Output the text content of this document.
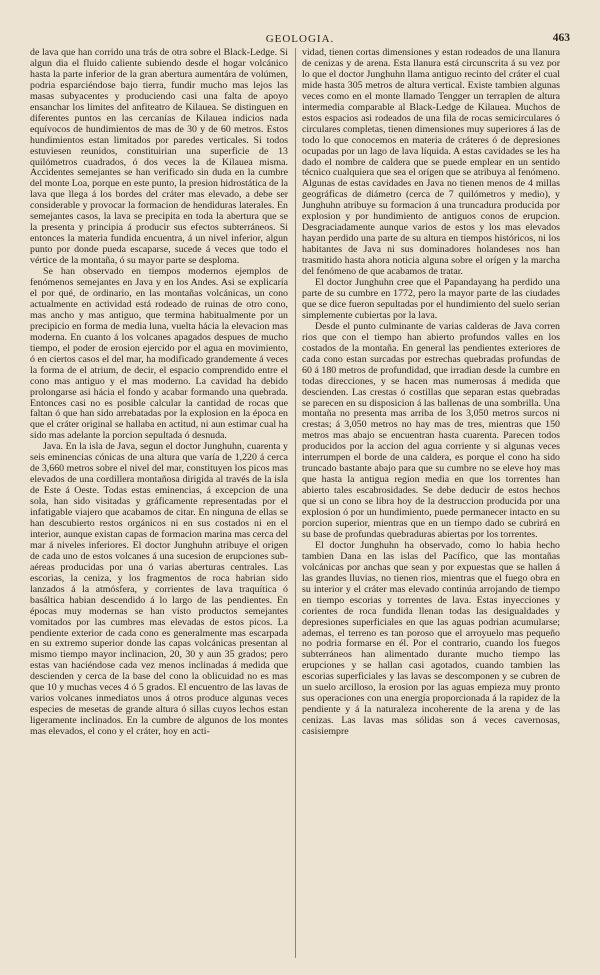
GEOLOGIA.	463

de lava que han corrido una trás de otra sobre el Black-Ledge. Si algun dia el fluido caliente subiendo desde el hogar volcánico hasta la parte inferior de la gran abertura aumentára de volúmen, podria esparciéndose bajo tierra, fundir mucho mas lejos las masas subyacentes y produciendo casi una falta de apoyo ensanchar los límites del anfiteatro de Kilauea. Se distinguen en diferentes puntos en las cercanías de Kilauea indicios nada equívocos de hundimientos de mas de 30 y de 60 metros. Estos hundimientos estan limitados por paredes verticales. Si todos estuviesen reunidos, constituirian una superficie de 13 quilómetros cuadrados, ó dos veces la de Kilauea misma. Accidentes semejantes se han verificado sin duda en la cumbre del monte Loa, porque en este punto, la presion hidrostática de la lava que llega á los bordes del cráter mas elevado, a debe ser considerable y provocar la formacion de hendiduras laterales. En semejantes casos, la lava se precipita en toda la abertura que se la presenta y principia á producir sus efectos subterráneos. Si entonces la materia fundida encuentra, á un nivel inferior, algun punto por donde pueda escaparse, sucede á veces que todo el vértice de la montaña, ó su mayor parte se desploma.

Se han observado en tiempos modernos ejemplos de fenómenos semejantes en Java y en los Andes. Asi se explicaría el por qué, de ordinario, en las montañas volcánicas, un cono actualmente en actividad está rodeado de ruinas de otro cono, mas ancho y mas antiguo, que termina habitualmente por un precipicio en forma de media luna, vuelta hácia la elevacion mas moderna. En cuanto á los volcanes apagados despues de mucho tiempo, el poder de erosion ejercido por el agua en movimiento, ó en ciertos casos el del mar, ha modificado grandemente á veces la forma de el atrium, de decir, el espacio comprendido entre el cono mas antiguo y el mas moderno. La cavidad ha debido prolongarse asi hácia el fondo y acabar formando una quebrada. Entonces casi no es posible calcular la cantidad de rocas que faltan ó que han sido arrebatadas por la explosion en la época en que el cráter original se hallaba en actitud, ni aun estimar cual ha sido mas adelante la porcion sepultada ó desnuda.

Java. En la isla de Java, segun el doctor Junghuhn, cuarenta y seis eminencias cónicas de una altura que varía de 1,220 á cerca de 3,660 metros sobre el nivel del mar, constituyen los picos mas elevados de una cordillera montañosa dirigida al través de la isla de Este á Oeste. Todas estas eminencias, á excepcion de una sola, han sido visitadas y gráficamente representadas por el infatigable viajero que acabamos de citar. En ninguna de ellas se han descubierto restos orgánicos ni en sus costados ni en el interior, aunque existan capas de formacion marina mas cerca del mar á niveles inferiores. El doctor Junghuhn atribuye el origen de cada uno de estos volcanes á una sucesion de erupciones sub-aéreas producidas por una ó varias aberturas centrales. Las escorias, la ceniza, y los fragmentos de roca habrian sido lanzados á la atmósfera, y corrientes de lava traquítica ó basáltica habian descendido á lo largo de las pendientes. En épocas muy modernas se han visto productos semejantes vomitados por las cumbres mas elevadas de estos picos. La pendiente exterior de cada cono es generalmente mas escarpada en su extremo superior donde las capas volcánicas presentan al mismo tiempo mayor inclinacion, 20, 30 y aun 35 grados; pero estas van haciéndose cada vez menos inclinadas á medida que descienden y cerca de la base del cono la oblicuidad no es mas que 10 y muchas veces 4 ó 5 grados. El encuentro de las lavas de varios volcanes inmediatos unos á otros produce algunas veces especies de mesetas de grande altura ó sillas cuyos lechos estan ligeramente inclinados. En la cumbre de algunos de los montes mas elevados, el cono y el cráter, hoy en acti-

vidad, tienen cortas dimensiones y estan rodeados de una llanura de cenizas y de arena. Esta llanura está circunscrita á su vez por lo que el doctor Junghuhn llama antiguo recinto del cráter el cual mide hasta 305 metros de altura vertical. Existe tambien algunas veces como en el monte llamado Tengger un terraplen de altura intermedia comparable al Black-Ledge de Kilauea. Muchos de estos espacios asi rodeados de una fila de rocas semicirculares ó circulares completas, tienen dimensiones muy superiores á las de todo lo que conocemos en materia de cráteres ó de depresiones ocupadas por un lago de lava líquida. A estas cavidades se les ha dado el nombre de caldera que se puede emplear en un sentido técnico cualquiera que sea el orígen que se atribuya al fenómeno. Algunas de estas cavidades en Java no tienen menos de 4 millas geográficas de diámetro (cerca de 7 quilómetros y medio), y Junghuhn atribuye su formacion á una truncadura producida por explosion y por hundimiento de antiguos conos de erupcion. Desgraciadamente aunque varios de estos y los mas elevados hayan perdido una parte de su altura en tiempos históricos, ni los habitantes de Java ni sus dominadores holandeses nos han trasmitido hasta ahora noticia alguna sobre el orígen y la marcha del fenómeno de que acabamos de tratar.

El doctor Junghuhn cree que el Papandayang ha perdido una parte de su cumbre en 1772, pero la mayor parte de las ciudades que se dice fueron sepultadas por el hundimiento del suelo serian simplemente cubiertas por la lava.

Desde el punto culminante de varias calderas de Java corren rios que con el tiempo han abierto profundos valles en los costados de la montaña. En general las pendientes exteriores de cada cono estan surcadas por estrechas quebradas profundas de 60 á 180 metros de profundidad, que irradian desde la cumbre en todas direcciones, y se hacen mas numerosas á medida que descienden. Las crestas ó costillas que separan estas quebradas se parecen en su disposicion á las ballenas de una sombrilla. Una montaña no presenta mas arriba de los 3,050 metros surcos ni crestas; á 3,050 metros no hay mas de tres, mientras que 150 metros mas abajo se encuentran hasta cuarenta. Parecen todos producidos por la accion del agua corriente y si algunas veces interrumpen el borde de una caldera, es porque el cono ha sido truncado bastante abajo para que su cumbre no se eleve hoy mas que hasta la antigua region media en que los torrentes han abierto tales escabrosidades. Se debe deducir de estos hechos que si un cono se libra hoy de la destruccion producida por una explosion ó por un hundimiento, puede permanecer intacto en su porcion superior, mientras que en un tiempo dado se cubrirá en su base de profundas quebraduras abiertas por los torrentes.

El doctor Junghuhn ha observado, como lo habia hecho tambien Dana en las islas del Pacífico, que las montañas volcánicas por anchas que sean y por expuestas que se hallen á las grandes lluvias, no tienen rios, mientras que el fuego obra en su interior y el cráter mas elevado continúa arrojando de tiempo en tiempo escorias y torrentes de lava. Estas inyecciones y corientes de roca fundida llenan todas las desigualdades y depresiones superficiales en que las aguas podrian acumularse; ademas, el terreno es tan poroso que el arroyuelo mas pequeño no podria formarse en él. Por el contrario, cuando los fuegos subterráneos han alimentado durante mucho tiempo las erupciones y se hallan casi agotados, cuando tambien las escorias superficiales y las lavas se descomponen y se cubren de un suelo arcilloso, la erosion por las aguas empieza muy pronto sus operaciones con una energía proporcionada á la rapidez de la pendiente y á la naturaleza incoherente de la arena y de las cenizas. Las lavas mas sólidas son á veces cavernosas, casisiempre
